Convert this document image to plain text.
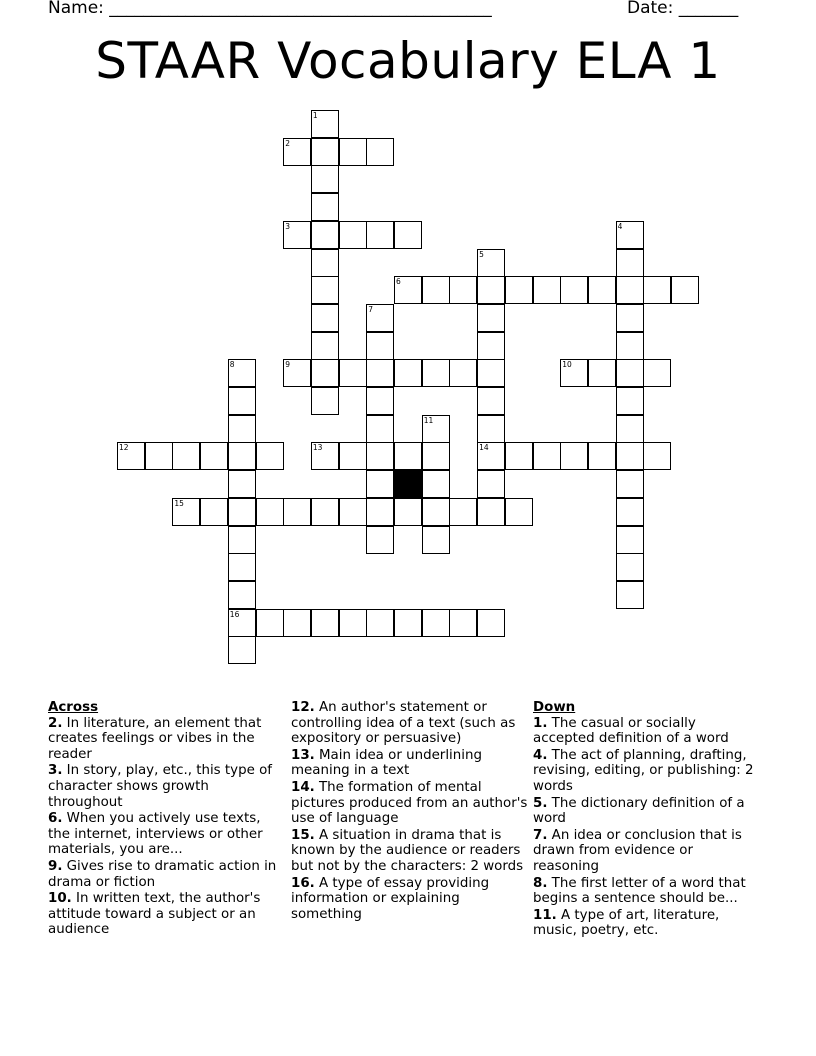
Name: _____________________________________________	Date: _______
STAAR Vocabulary ELA 1
1
2
3	4
5
14
6
7
8
16
9	10
11
12	13
15
Across
2. In literature, an element that creates feelings or vibes in the reader
3. In story, play, etc., this type of character shows growth throughout
6. When you actively use texts, the internet, interviews or other materials, you are...
9. Gives rise to dramatic action in drama or fiction
10. In written text, the author's attitude toward a subject or an audience
12. An author's statement or controlling idea of a text (such as expository or persuasive)
13. Main idea or underlining meaning in a text
14. The formation of mental pictures produced from an author's use of language
15. A situation in drama that is known by the audience or readers but not by the characters: 2 words
16. A type of essay providing information or explaining something
Down
1. The casual or socially accepted definition of a word
4. The act of planning, drafting, revising, editing, or publishing: 2 words
5. The dictionary definition of a word
7. An idea or conclusion that is drawn from evidence or reasoning
8. The first letter of a word that begins a sentence should be...
11. A type of art, literature, music, poetry, etc.
